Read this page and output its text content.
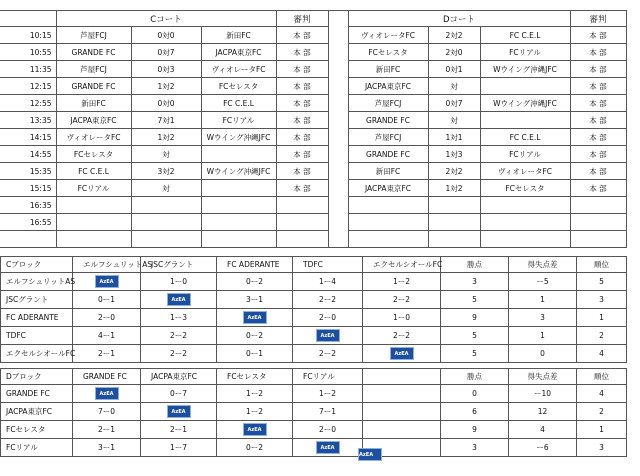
	Cコート			審判		Dコート			審判
10:15	芦屋FCJ	0対0	新田FC	本 部		ヴィオレータFC	2対2	FC C.E.L	本 部
10:55	GRANDE FC	0対7	JACPA東京FC	本 部		FCセレスタ	2対0	FCリアル	本 部
11:35	芦屋FCJ	0対3	ヴィオレータFC	本 部		新田FC	0対1	Wウイング沖縄JFC	本 部
12:15	GRANDE FC	1対2	FCセレスタ	本 部		JACPA東京FC	対		本 部
12:55	新田FC	0対0	FC C.E.L	本 部		芦屋FCJ	0対7	Wウイング沖縄JFC	本 部
13:35	JACPA東京FC	7対1	FCリアル	本 部		GRANDE FC	対		本 部
14:15	ヴィオレータFC	1対2	Wウイング沖縄JFC	本 部		芦屋FCJ	1対1	FC C.E.L	本 部
14:55	FCセレスタ	対		本 部		GRANDE FC	1対3	FCリアル	本 部
15:35	FC C.E.L	3対2	Wウイング沖縄JFC	本 部		新田FC	2対2	ヴィオレータFC	本 部
15:15	FCリアル	対		本 部		JACPA東京FC	1対2	FCセレスタ	本 部
16:35									
16:55									

Cブロック	エルフシュリットAS	JSCグラント	FC ADERANTE	TDFC	エクセルシオールFC	勝点	得失点差	順位
エルフシュリットAS	AzEA	1ー0	0ー2	1ー4	1ー2	3	ー5	5
JSCグラント	0ー1	AzEA	3ー1	2ー2	2ー2	5	1	3
FC ADERANTE	2ー0	1ー3	AzEA	2ー0	1ー0	9	3	1
TDFC	4ー1	2ー2	0ー2	AzEA	2ー2	5	1	2
エクセルシオールFC	2ー1	2ー2	0ー1	2ー2	AzEA	5	0	4
Dブロック	GRANDE FC	JACPA東京FC	FCセレスタ	FCリアル		勝点	得失点差	順位
GRANDE FC	AzEA	0ー7	1ー2	1ー2		0	ー10	4
JACPA東京FC	7ー0	AzEA	1ー2	7ー1		6	12	2
FCセレスタ	2ー1	2ー1	AzEA	2ー0		9	4	1
FCリアル	3ー1	1ー7	0ー2	AzEA		3	ー6	3
AzEA
